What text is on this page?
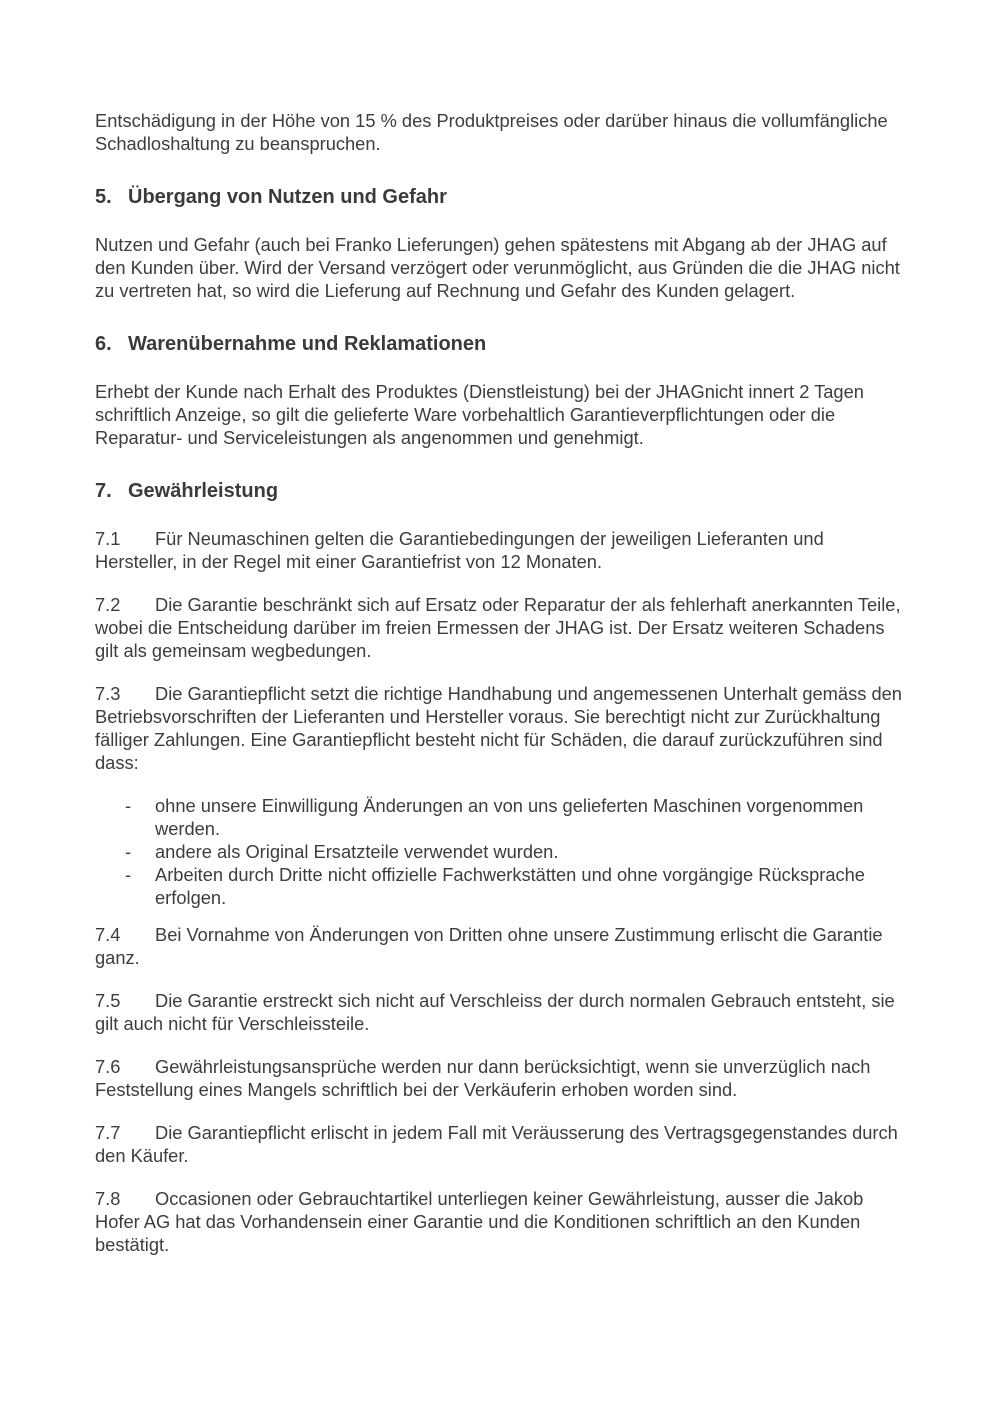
Entschädigung in der Höhe von 15 % des Produktpreises oder darüber hinaus die vollumfängliche Schadloshaltung zu beanspruchen.

5. Übergang von Nutzen und Gefahr

Nutzen und Gefahr (auch bei Franko Lieferungen) gehen spätestens mit Abgang ab der JHAG auf den Kunden über. Wird der Versand verzögert oder verunmöglicht, aus Gründen die die JHAG nicht zu vertreten hat, so wird die Lieferung auf Rechnung und Gefahr des Kunden gelagert.

6. Warenübernahme und Reklamationen

Erhebt der Kunde nach Erhalt des Produktes (Dienstleistung) bei der JHAGnicht innert 2 Tagen schriftlich Anzeige, so gilt die gelieferte Ware vorbehaltlich Garantieverpflichtungen oder die Reparatur- und Serviceleistungen als angenommen und genehmigt.

7. Gewährleistung

7.1 Für Neumaschinen gelten die Garantiebedingungen der jeweiligen Lieferanten und Hersteller, in der Regel mit einer Garantiefrist von 12 Monaten.

7.2 Die Garantie beschränkt sich auf Ersatz oder Reparatur der als fehlerhaft anerkannten Teile, wobei die Entscheidung darüber im freien Ermessen der JHAG ist. Der Ersatz weiteren Schadens gilt als gemeinsam wegbedungen.

7.3 Die Garantiepflicht setzt die richtige Handhabung und angemessenen Unterhalt gemäss den Betriebsvorschriften der Lieferanten und Hersteller voraus. Sie berechtigt nicht zur Zurückhaltung fälliger Zahlungen. Eine Garantiepflicht besteht nicht für Schäden, die darauf zurückzuführen sind dass:

-	ohne unsere Einwilligung Änderungen an von uns gelieferten Maschinen vorgenommen werden.
-	andere als Original Ersatzteile verwendet wurden.
-	Arbeiten durch Dritte nicht offizielle Fachwerkstätten und ohne vorgängige Rücksprache erfolgen.

7.4 Bei Vornahme von Änderungen von Dritten ohne unsere Zustimmung erlischt die Garantie ganz.

7.5 Die Garantie erstreckt sich nicht auf Verschleiss der durch normalen Gebrauch entsteht, sie gilt auch nicht für Verschleissteile.

7.6 Gewährleistungsansprüche werden nur dann berücksichtigt, wenn sie unverzüglich nach Feststellung eines Mangels schriftlich bei der Verkäuferin erhoben worden sind.

7.7 Die Garantiepflicht erlischt in jedem Fall mit Veräusserung des Vertragsgegenstandes durch den Käufer.

7.8 Occasionen oder Gebrauchtartikel unterliegen keiner Gewährleistung, ausser die Jakob Hofer AG hat das Vorhandensein einer Garantie und die Konditionen schriftlich an den Kunden bestätigt.
